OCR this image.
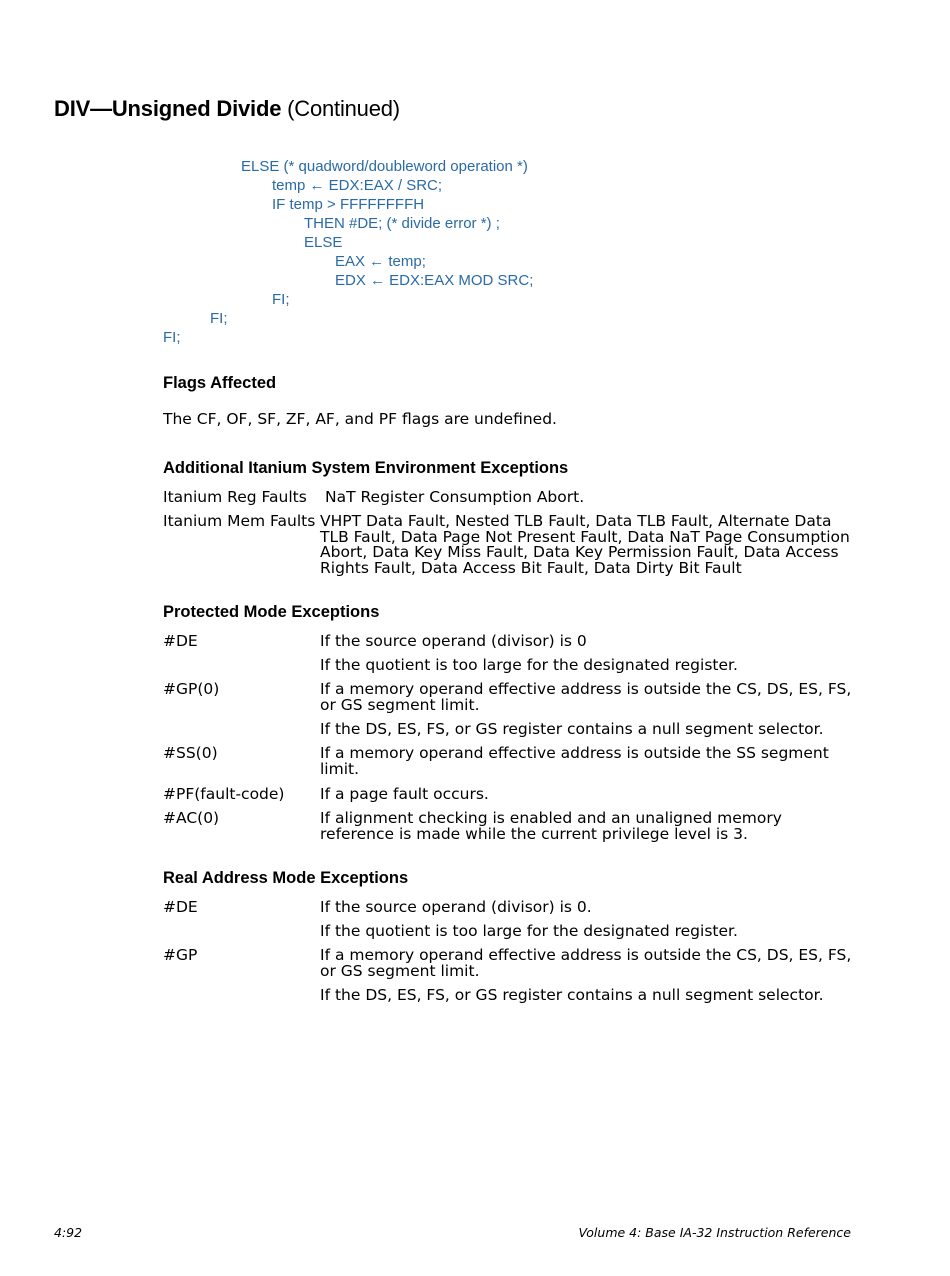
DIV—Unsigned Divide (Continued)
ELSE (* quadword/doubleword operation *)
temp ← EDX:EAX / SRC;
IF temp > FFFFFFFFH
THEN #DE; (* divide error *) ;
ELSE
EAX ← temp;
EDX ← EDX:EAX MOD SRC;
FI;
FI;
FI;
Flags Affected
The CF, OF, SF, ZF, AF, and PF flags are undefined.
Additional Itanium System Environment Exceptions
Itanium Reg Faults NaT Register Consumption Abort.
Itanium Mem Faults VHPT Data Fault, Nested TLB Fault, Data TLB Fault, Alternate Data TLB Fault, Data Page Not Present Fault, Data NaT Page Consumption Abort, Data Key Miss Fault, Data Key Permission Fault, Data Access Rights Fault, Data Access Bit Fault, Data Dirty Bit Fault
Protected Mode Exceptions
#DE	If the source operand (divisor) is 0
If the quotient is too large for the designated register.
#GP(0)	If a memory operand effective address is outside the CS, DS, ES, FS, or GS segment limit.
If the DS, ES, FS, or GS register contains a null segment selector.
#SS(0)	If a memory operand effective address is outside the SS segment limit.
#PF(fault-code) If a page fault occurs.
#AC(0)	If alignment checking is enabled and an unaligned memory reference is made while the current privilege level is 3.
Real Address Mode Exceptions
#DE	If the source operand (divisor) is 0.
If the quotient is too large for the designated register.
#GP	If a memory operand effective address is outside the CS, DS, ES, FS, or GS segment limit.
If the DS, ES, FS, or GS register contains a null segment selector.
4:92	Volume 4: Base IA-32 Instruction Reference
